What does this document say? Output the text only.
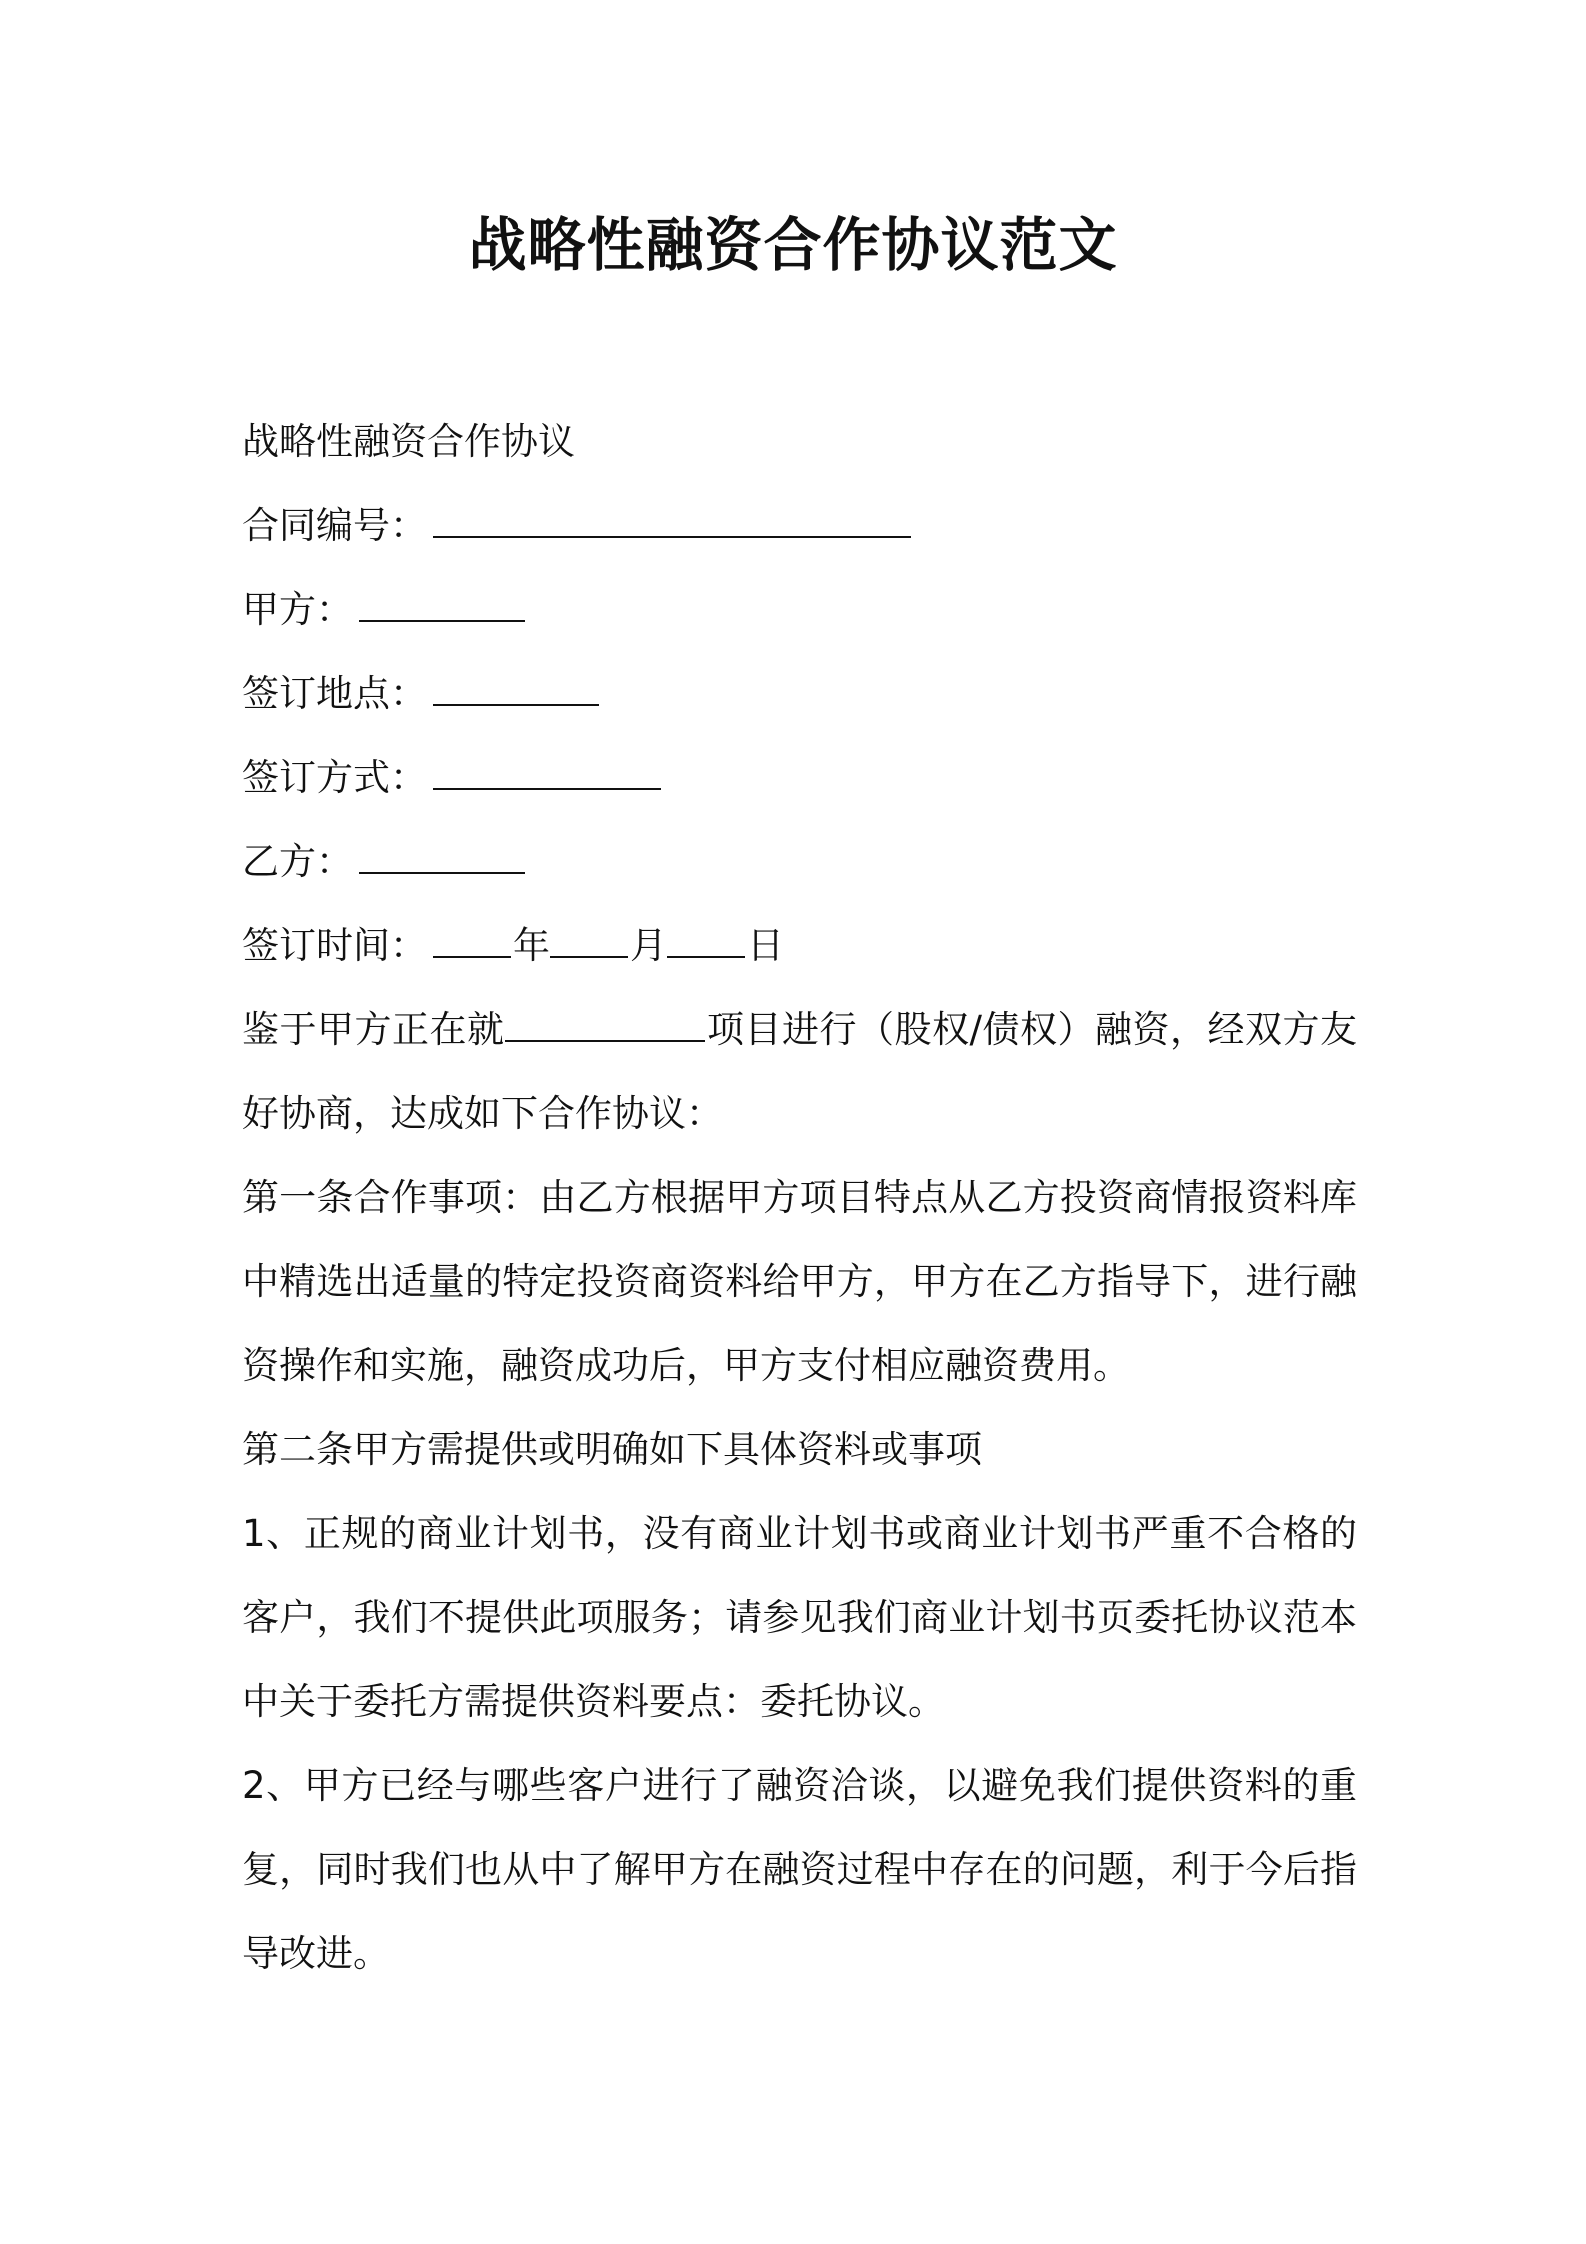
战略性融资合作协议范文

战略性融资合作协议

合同编号：

甲方：

签订地点：

签订方式：

乙方：

签订时间： 年 月 日

鉴于甲方正在就	项目进行（股权/债权）融资，经双方友好协商，达成如下合作协议：

第一条合作事项：由乙方根据甲方项目特点从乙方投资商情报资料库中精选出适量的特定投资商资料给甲方，甲方在乙方指导下，进行融资操作和实施，融资成功后，甲方支付相应融资费用。

第二条甲方需提供或明确如下具体资料或事项

1、正规的商业计划书，没有商业计划书或商业计划书严重不合格的客户，我们不提供此项服务；请参见我们商业计划书页委托协议范本中关于委托方需提供资料要点：委托协议。

2、甲方已经与哪些客户进行了融资洽谈，以避免我们提供资料的重复，同时我们也从中了解甲方在融资过程中存在的问题，利于今后指导改进。
